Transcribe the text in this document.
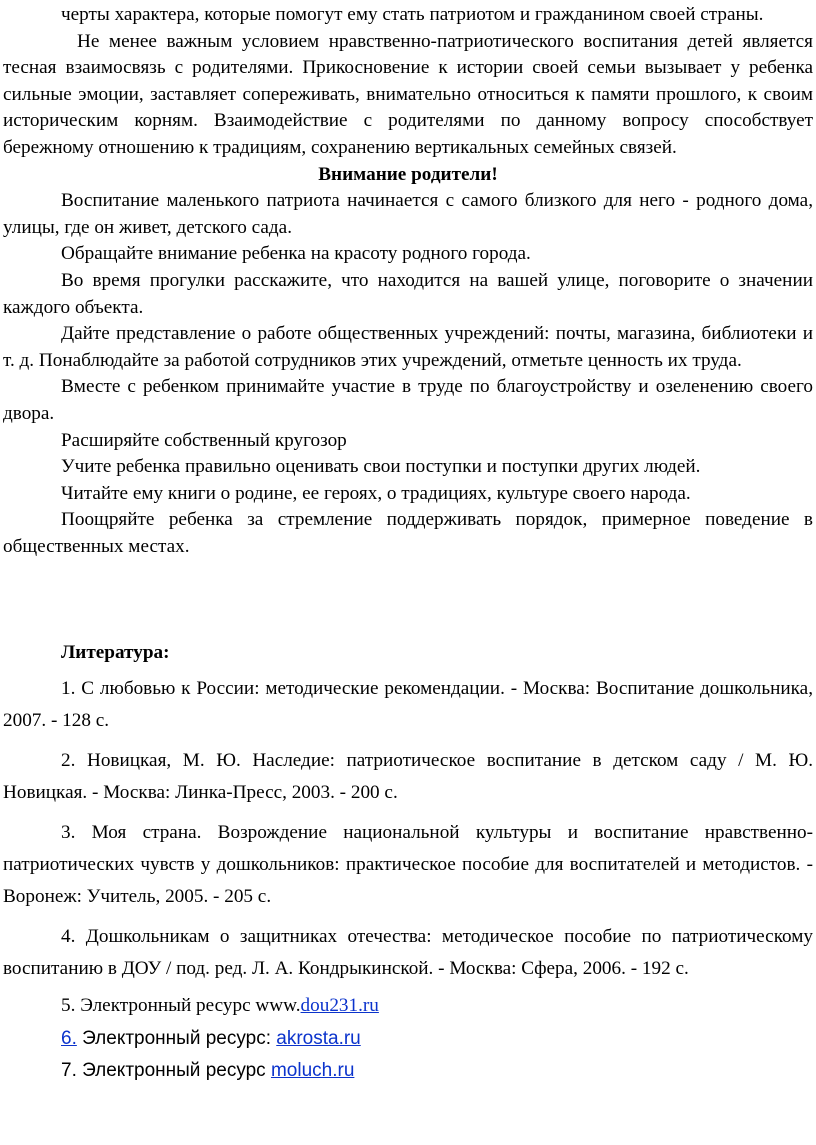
черты характера, которые помогут ему стать патриотом и гражданином своей страны.

Не менее важным условием нравственно-патриотического воспитания детей является тесная взаимосвязь с родителями. Прикосновение к истории своей семьи вызывает у ребенка сильные эмоции, заставляет сопереживать, внимательно относиться к памяти прошлого, к своим историческим корням. Взаимодействие с родителями по данному вопросу способствует бережному отношению к традициям, сохранению вертикальных семейных связей.

Внимание родители!

Воспитание маленького патриота начинается с самого близкого для него - родного дома, улицы, где он живет, детского сада.

Обращайте внимание ребенка на красоту родного города.

Во время прогулки расскажите, что находится на вашей улице, поговорите о значении каждого объекта.

Дайте представление о работе общественных учреждений: почты, магазина, библиотеки и т. д. Понаблюдайте за работой сотрудников этих учреждений, отметьте ценность их труда.

Вместе с ребенком принимайте участие в труде по благоустройству и озеленению своего двора.

Расширяйте собственный кругозор

Учите ребенка правильно оценивать свои поступки и поступки других людей.

Читайте ему книги о родине, ее героях, о традициях, культуре своего народа.

Поощряйте ребенка за стремление поддерживать порядок, примерное поведение в общественных местах.

Литература:

1. С любовью к России: методические рекомендации. - Москва: Воспитание дошкольника, 2007. - 128 с.

2. Новицкая, М. Ю. Наследие: патриотическое воспитание в детском саду / М. Ю. Новицкая. - Москва: Линка-Пресс, 2003. - 200 с.

3. Моя страна. Возрождение национальной культуры и воспитание нравственно-патриотических чувств у дошкольников: практическое пособие для воспитателей и методистов. - Воронеж: Учитель, 2005. - 205 с.

4. Дошкольникам о защитниках отечества: методическое пособие по патриотическому воспитанию в ДОУ / под. ред. Л. А. Кондрыкинской. - Москва: Сфера, 2006. - 192 с.

5. Электронный ресурс www.dou231.ru

6. Электронный ресурс: akrosta.ru

7. Электронный ресурс moluch.ru
